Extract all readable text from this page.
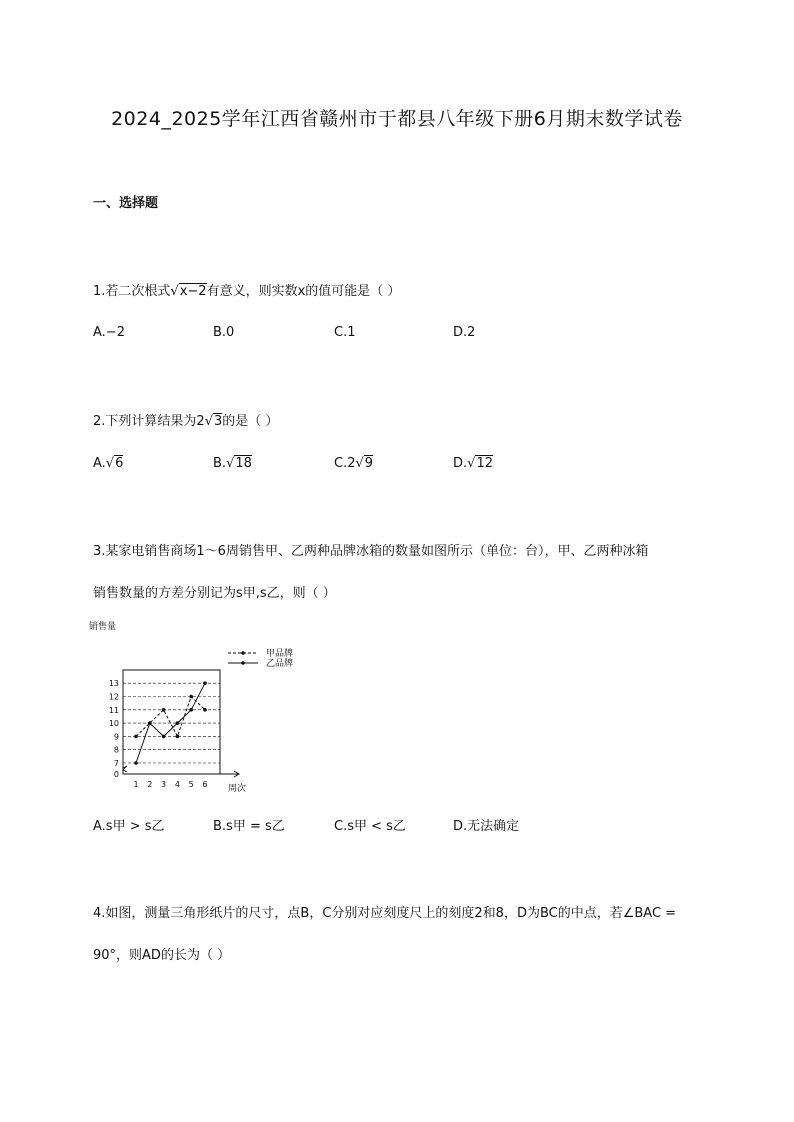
2024_2025学年江西省赣州市于都县八年级下册6月期末数学试卷
一、选择题
1.若二次根式√x−2有意义，则实数x的值可能是（ ）
A.−2	B.0	C.1	D.2
2.下列计算结果为2√3的是（ ）
A.√6	B.√18	C.2√9	D.√12
3.某家电销售商场1～6周销售甲、乙两种品牌冰箱的数量如图所示（单位：台），甲、乙两种冰箱
销售数量的方差分别记为s甲,s乙，则（ ）
销售量
0
7
8
9
10
11
12
13
1 2 3 4 5 6 周次
甲品牌
乙品牌
A.s甲 > s乙	B.s甲 = s乙	C.s甲 < s乙	D.无法确定
4.如图，测量三角形纸片的尺寸，点B，C分别对应刻度尺上的刻度2和8，D为BC的中点，若∠BAC =
90°，则AD的长为（ ）
